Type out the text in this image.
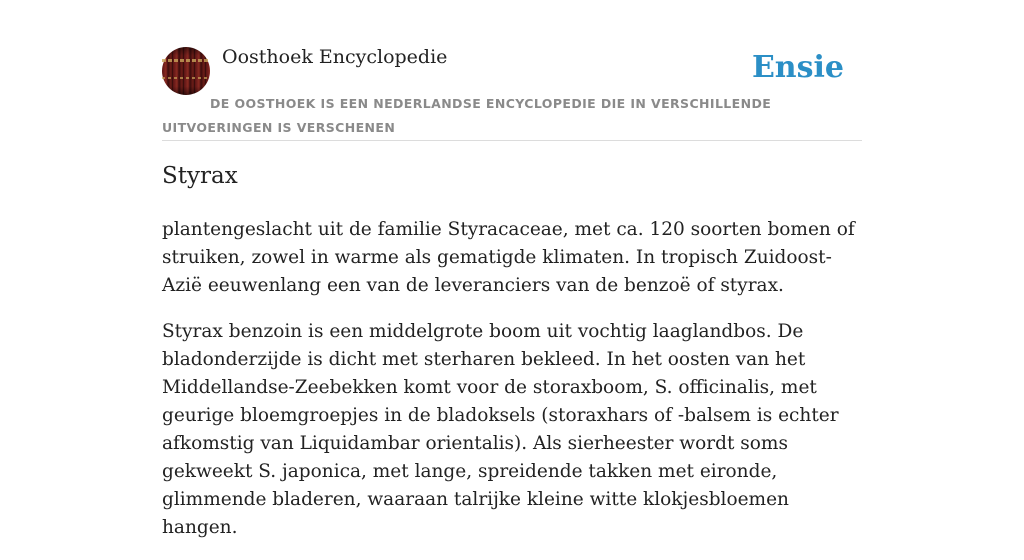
Oosthoek Encyclopedie	Ensie
DE OOSTHOEK IS EEN NEDERLANDSE ENCYCLOPEDIE DIE IN VERSCHILLENDE UITVOERINGEN IS VERSCHENEN
Styrax

plantengeslacht uit de familie Styracaceae, met ca. 120 soorten bomen of struiken, zowel in warme als gematigde klimaten. In tropisch Zuidoost-Azië eeuwenlang een van de leveranciers van de benzoë of styrax.

Styrax benzoin is een middelgrote boom uit vochtig laaglandbos. De bladonderzijde is dicht met sterharen bekleed. In het oosten van het Middellandse-Zeebekken komt voor de storaxboom, S. officinalis, met geurige bloemgroepjes in de bladoksels (storaxhars of -balsem is echter afkomstig van Liquidambar orientalis). Als sierheester wordt soms gekweekt S. japonica, met lange, spreidende takken met eironde, glimmende bladeren, waaraan talrijke kleine witte klokjesbloemen hangen.
